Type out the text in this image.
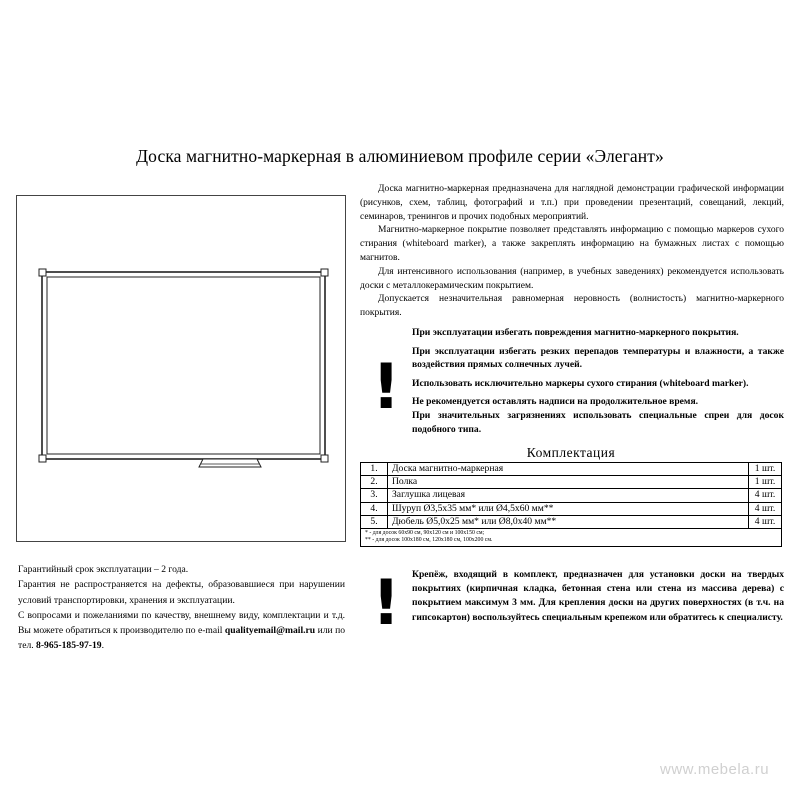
Доска магнитно-маркерная в алюминиевом профиле серии «Элегант»

Доска магнитно-маркерная предназначена для наглядной демонстрации графической информации (рисунков, схем, таблиц, фотографий и т.п.) при проведении презентаций, совещаний, лекций, семинаров, тренингов и прочих подобных мероприятий.

Магнитно-маркерное покрытие позволяет представлять информацию с помощью маркеров сухого стирания (whiteboard marker), а также закреплять информацию на бумажных листах с помощью магнитов.

Для интенсивного использования (например, в учебных заведениях) рекомендуется использовать доски с металлокерамическим покрытием.

Допускается незначительная равномерная неровность (волнистость) магнитно-маркерного покрытия.

!

При эксплуатации избегать повреждения магнитно-маркерного покрытия.

При эксплуатации избегать резких перепадов температуры и влажности, а также воздействия прямых солнечных лучей.

Использовать исключительно маркеры сухого стирания (whiteboard marker).

Не рекомендуется оставлять надписи на продолжительное время.

При значительных загрязнениях использовать специальные спреи для досок подобного типа.

Комплектация
1.	Доска магнитно-маркерная	1 шт.
2.	Полка	1 шт.
3.	Заглушка лицевая	4 шт.
4.	Шуруп Ø3,5х35 мм* или Ø4,5х60 мм**	4 шт.
5.	Дюбель Ø5,0х25 мм* или Ø8,0х40 мм**	4 шт.

* - для досок 60х90 см, 90х120 см и 100х150 см;
** - для досок 100х180 см, 120х180 см, 100х200 см.		

Гарантийный срок эксплуатации – 2 года.

Гарантия не распространяется на дефекты, образовавшиеся при нарушении условий транспортировки, хранения и эксплуатации.

С вопросами и пожеланиями по качеству, внешнему виду, комплектации и т.д. Вы можете обратиться к производителю по e-mail qualityemail@mail.ru или по тел. 8-965-185-97-19.

! Крепёж, входящий в комплект, предназначен для установки доски на твердых покрытиях (кирпичная кладка, бетонная стена или стена из массива дерева) с покрытием максимум 3 мм. Для крепления доски на других поверхностях (в т.ч. на гипсокартон) воспользуйтесь специальным крепежом или обратитесь к специалисту.
www.mebela.ru
